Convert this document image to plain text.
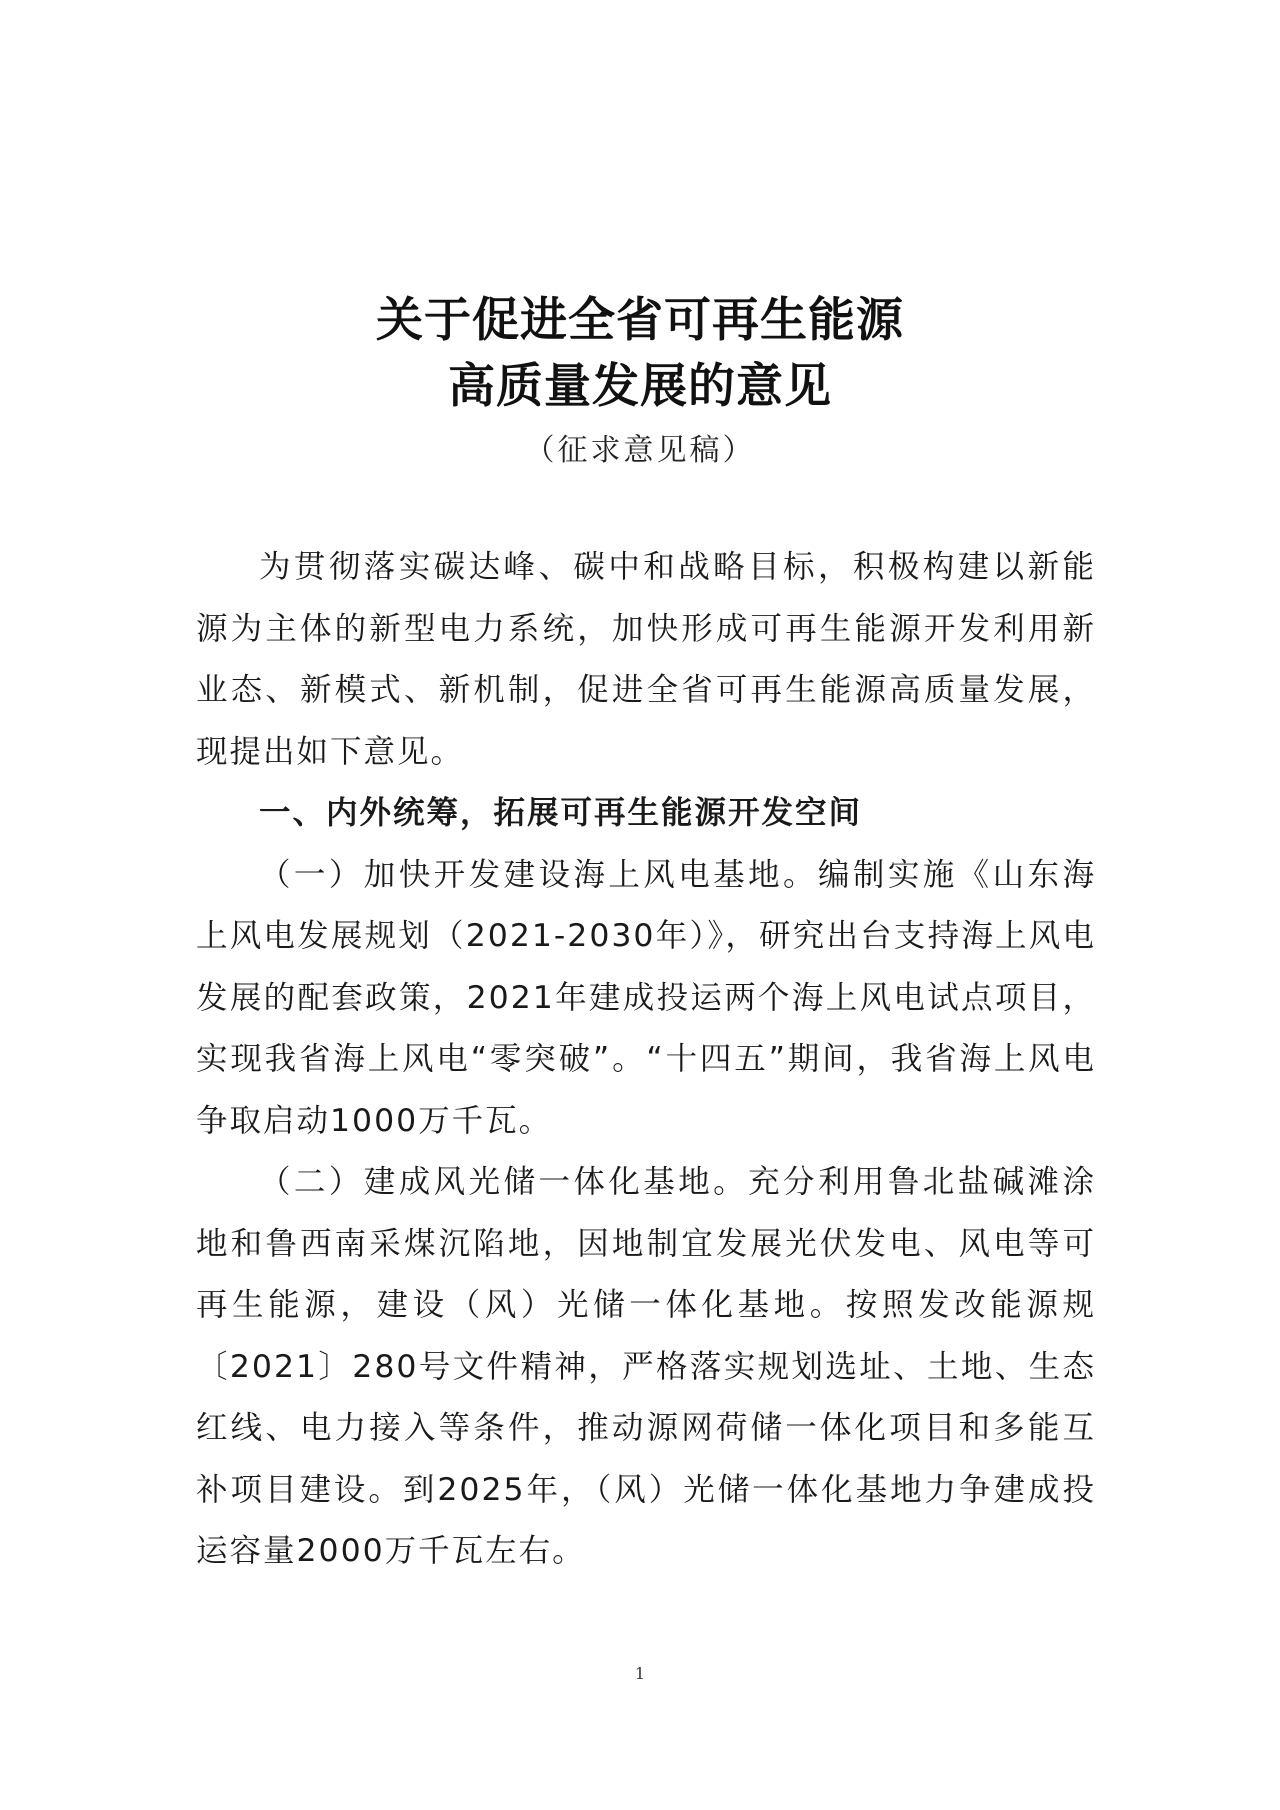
关于促进全省可再生能源
高质量发展的意见
（征求意见稿）

为贯彻落实碳达峰、碳中和战略目标，积极构建以新能源为主体的新型电力系统，加快形成可再生能源开发利用新业态、新模式、新机制，促进全省可再生能源高质量发展，现提出如下意见。

一、内外统筹，拓展可再生能源开发空间

（一）加快开发建设海上风电基地。编制实施《山东海上风电发展规划（2021-2030年）》，研究出台支持海上风电发展的配套政策，2021年建成投运两个海上风电试点项目，实现我省海上风电“零突破”。“十四五”期间，我省海上风电争取启动1000万千瓦。

（二）建成风光储一体化基地。充分利用鲁北盐碱滩涂地和鲁西南采煤沉陷地，因地制宜发展光伏发电、风电等可再生能源，建设（风）光储一体化基地。按照发改能源规〔2021〕280号文件精神，严格落实规划选址、土地、生态红线、电力接入等条件，推动源网荷储一体化项目和多能互补项目建设。到2025年，（风）光储一体化基地力争建成投运容量2000万千瓦左右。

1
